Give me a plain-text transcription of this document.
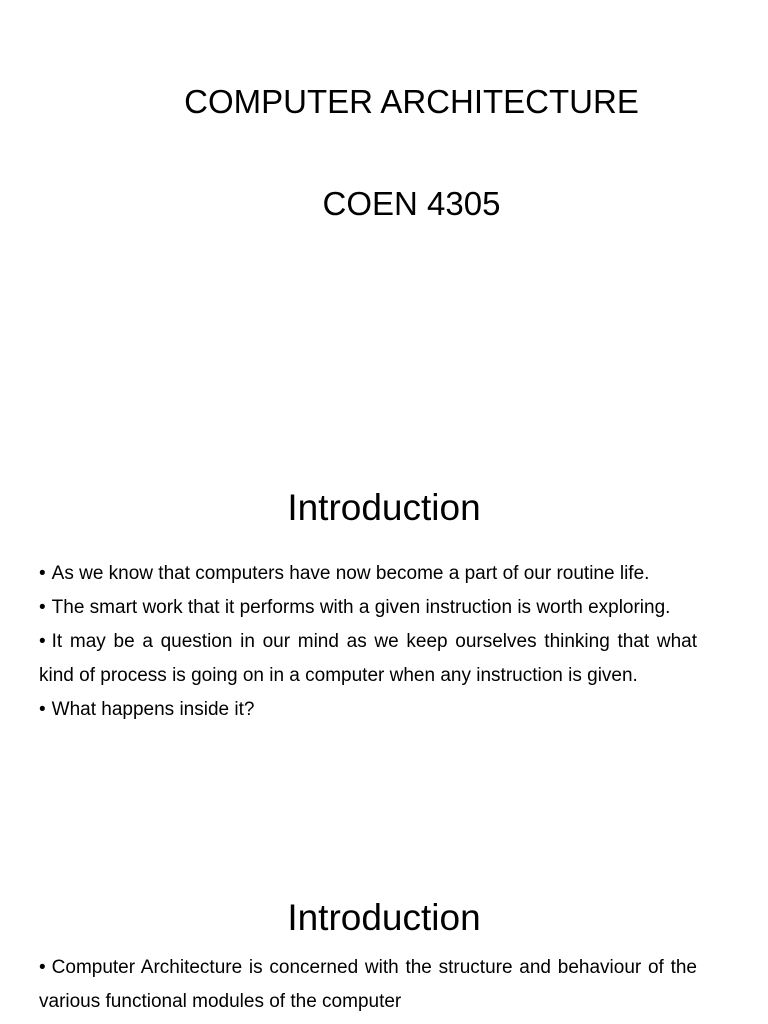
COMPUTER ARCHITECTURE
COEN 4305
Introduction
• As we know that computers have now become a part of our routine life.
• The smart work that it performs with a given instruction is worth exploring.
• It may be a question in our mind as we keep ourselves thinking that what kind of process is going on in a computer when any instruction is given.
• What happens inside it?
Introduction
• Computer Architecture is concerned with the structure and behaviour of the various functional modules of the computer
